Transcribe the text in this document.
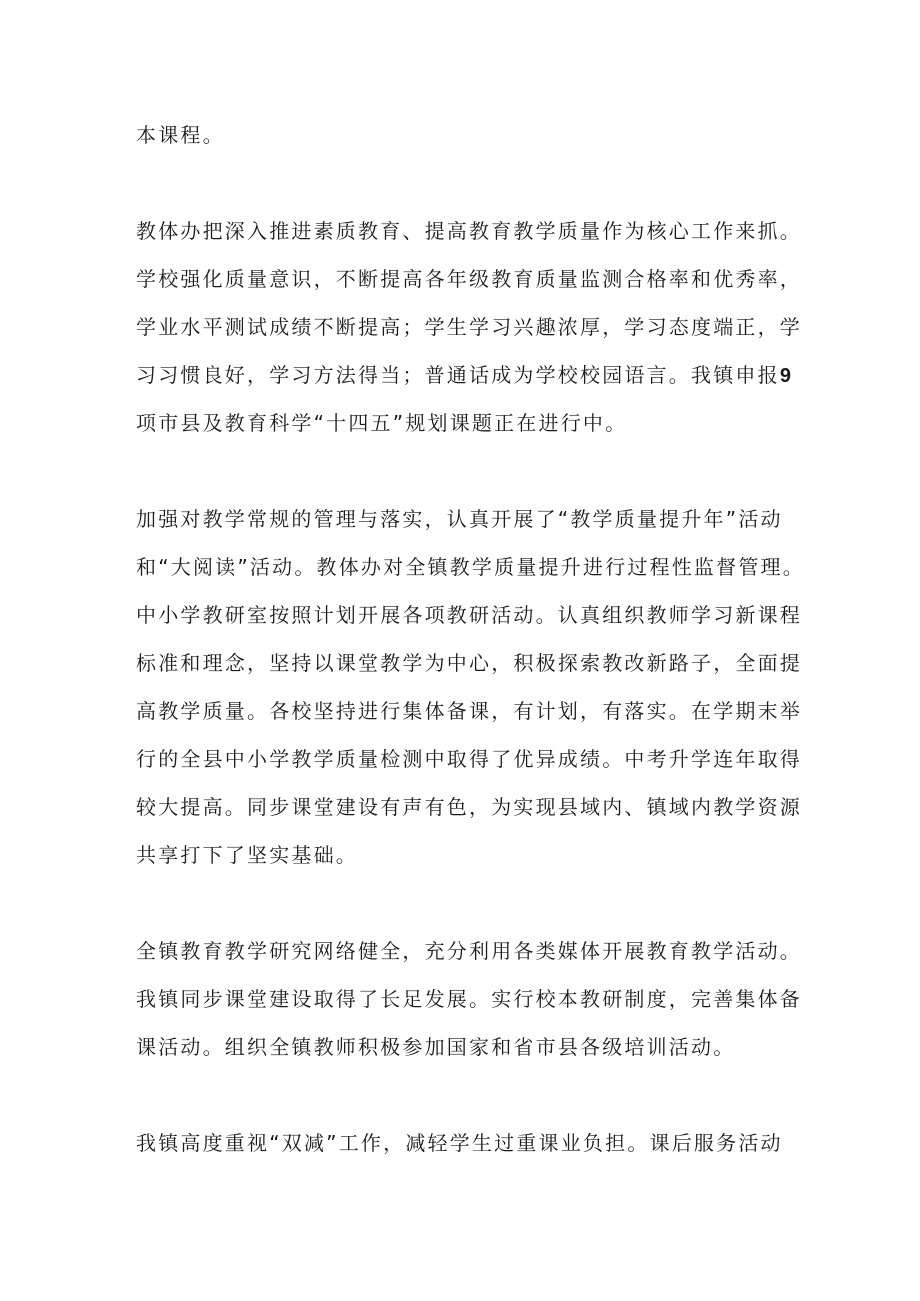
本课程。
教体办把深入推进素质教育、提高教育教学质量作为核心工作来抓。
学校强化质量意识，不断提高各年级教育质量监测合格率和优秀率，
学业水平测试成绩不断提高；学生学习兴趣浓厚，学习态度端正，学
习习惯良好，学习方法得当；普通话成为学校校园语言。我镇申报9
项市县及教育科学“十四五”规划课题正在进行中。
加强对教学常规的管理与落实，认真开展了“教学质量提升年”活动
和“大阅读”活动。教体办对全镇教学质量提升进行过程性监督管理。
中小学教研室按照计划开展各项教研活动。认真组织教师学习新课程
标准和理念，坚持以课堂教学为中心，积极探索教改新路子，全面提
高教学质量。各校坚持进行集体备课，有计划，有落实。在学期末举
行的全县中小学教学质量检测中取得了优异成绩。中考升学连年取得
较大提高。同步课堂建设有声有色，为实现县域内、镇域内教学资源
共享打下了坚实基础。
全镇教育教学研究网络健全，充分利用各类媒体开展教育教学活动。
我镇同步课堂建设取得了长足发展。实行校本教研制度，完善集体备
课活动。组织全镇教师积极参加国家和省市县各级培训活动。
我镇高度重视“双减”工作，减轻学生过重课业负担。课后服务活动
